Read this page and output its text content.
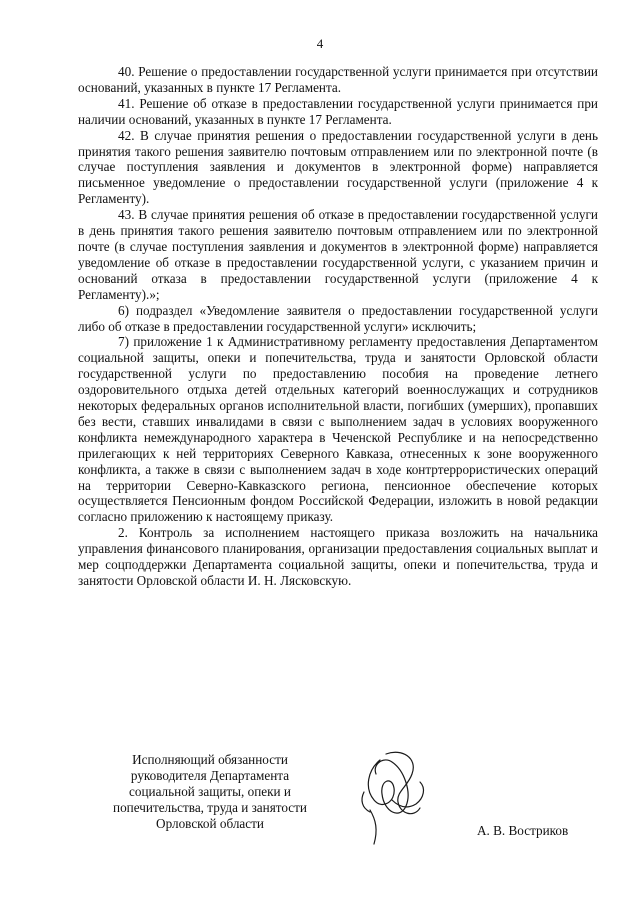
4

40. Решение о предоставлении государственной услуги принимается при отсутствии оснований, указанных в пункте 17 Регламента.

41. Решение об отказе в предоставлении государственной услуги принимается при наличии оснований, указанных в пункте 17 Регламента.

42. В случае принятия решения о предоставлении государственной услуги в день принятия такого решения заявителю почтовым отправлением или по электронной почте (в случае поступления заявления и документов в электронной форме) направляется письменное уведомление о предоставлении государственной услуги (приложение 4 к Регламенту).

43. В случае принятия решения об отказе в предоставлении государственной услуги в день принятия такого решения заявителю почтовым отправлением или по электронной почте (в случае поступления заявления и документов в электронной форме) направляется уведомление об отказе в предоставлении государственной услуги, с указанием причин и оснований отказа в предоставлении государственной услуги (приложение 4 к Регламенту).»;

6) подраздел «Уведомление заявителя о предоставлении государственной услуги либо об отказе в предоставлении государственной услуги» исключить;

7) приложение 1 к Административному регламенту предоставления Департаментом социальной защиты, опеки и попечительства, труда и занятости Орловской области государственной услуги по предоставлению пособия на проведение летнего оздоровительного отдыха детей отдельных категорий военнослужащих и сотрудников некоторых федеральных органов исполнительной власти, погибших (умерших), пропавших без вести, ставших инвалидами в связи с выполнением задач в условиях вооруженного конфликта немеждународного характера в Чеченской Республике и на непосредственно прилегающих к ней территориях Северного Кавказа, отнесенных к зоне вооруженного конфликта, а также в связи с выполнением задач в ходе контртеррористических операций на территории Северно-Кавказского региона, пенсионное обеспечение которых осуществляется Пенсионным фондом Российской Федерации, изложить в новой редакции согласно приложению к настоящему приказу.

2. Контроль за исполнением настоящего приказа возложить на начальника управления финансового планирования, организации предоставления социальных выплат и мер соцподдержки Департамента социальной защиты, опеки и попечительства, труда и занятости Орловской области И. Н. Лясковскую.

Исполняющий обязанности
руководителя Департамента
социальной защиты, опеки и
попечительства, труда и занятости
Орловской области	А. В. Востриков
